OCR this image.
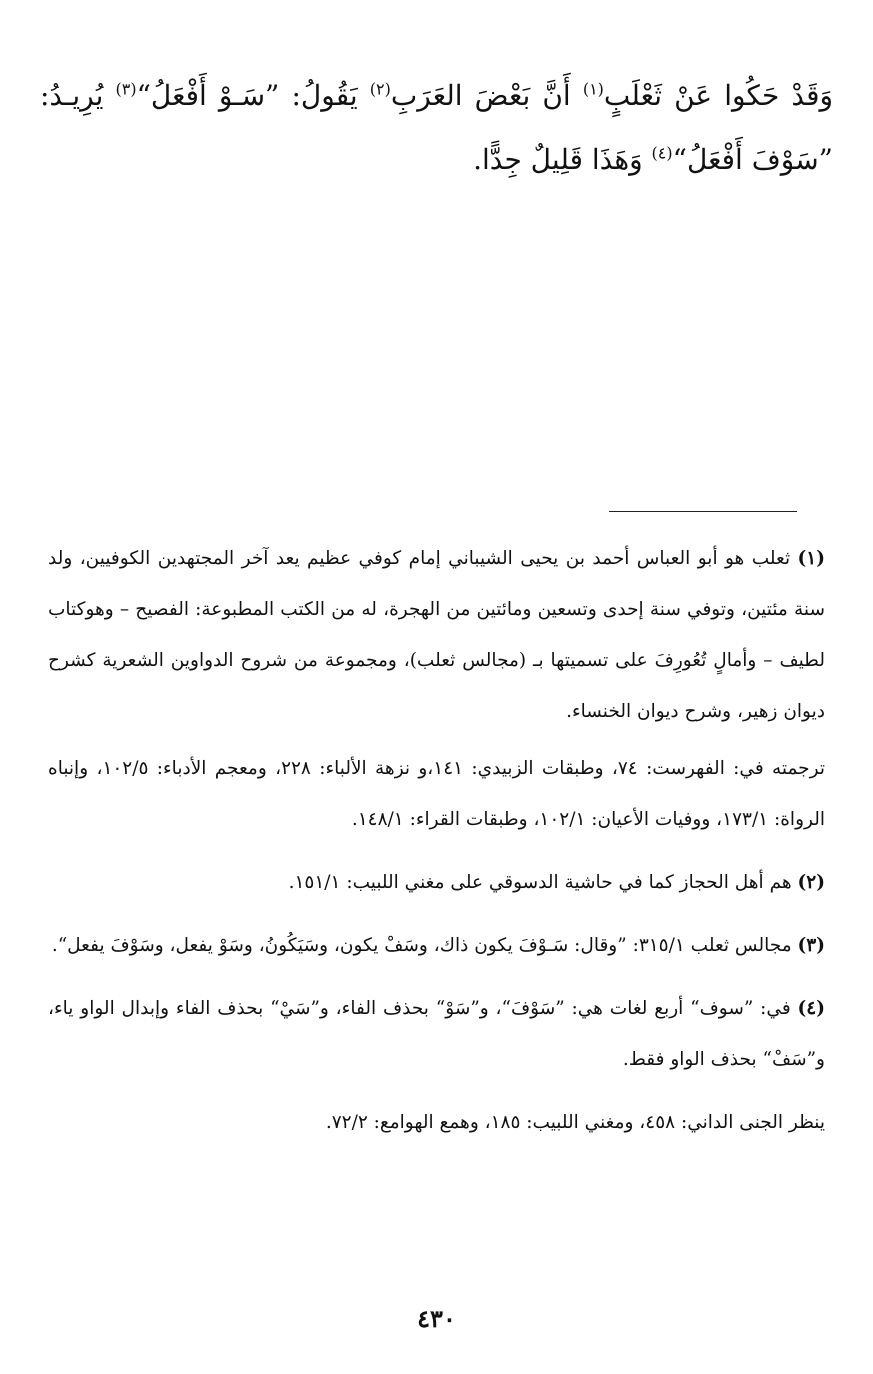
وَقَدْ حَكُوا عَنْ ثَعْلَبٍ$^{(١)}$ أَنَّ بَعْضَ العَرَبِ$^{(٢)}$ يَقُولُ: ”سَـوْ أَفْعَلُ“$^{(٣)}$ يُرِيـدُ: ”سَوْفَ أَفْعَلُ“$^{(٤)}$ وَهَذَا قَلِيلٌ جِدًّا.

(١) ثعلب هو أبو العباس أحمد بن يحيى الشيباني إمام كوفي عظيم يعد آخر المجتهدين الكوفيين، ولد سنة مئتين، وتوفي سنة إحدى وتسعين ومائتين من الهجرة، له من الكتب المطبوعة: الفصيح – وهوكتاب لطيف – وأمالٍ تُعُورِفَ على تسميتها بـ (مجالس ثعلب)، ومجموعة من شروح الدواوين الشعرية كشرح ديوان زهير، وشرح ديوان الخنساء.

ترجمته في: الفهرست: ٧٤، وطبقات الزبيدي: ١٤١،و نزهة الألباء: ٢٢٨، ومعجم الأدباء: ١٠٢/٥، وإنباه الرواة: ١٧٣/١، ووفيات الأعيان: ١٠٢/١، وطبقات القراء: ١٤٨/١.

(٢) هم أهل الحجاز كما في حاشية الدسوقي على مغني اللبيب: ١٥١/١.

(٣) مجالس ثعلب ٣١٥/١: ”وقال: سَـوْفَ يكون ذاك، وسَفْ يكون، وسَيَكُونُ، وسَوْ يفعل، وسَوْفَ يفعل“.

(٤) في: ”سوف“ أربع لغات هي: ”سَوْفَ“، و”سَوْ“ بحذف الفاء، و”سَيْ“ بحذف الفاء وإبدال الواو ياء، و”سَفْ“ بحذف الواو فقط.

ينظر الجنى الداني: ٤٥٨، ومغني اللبيب: ١٨٥، وهمع الهوامع: ٧٢/٢.

٤٣٠
